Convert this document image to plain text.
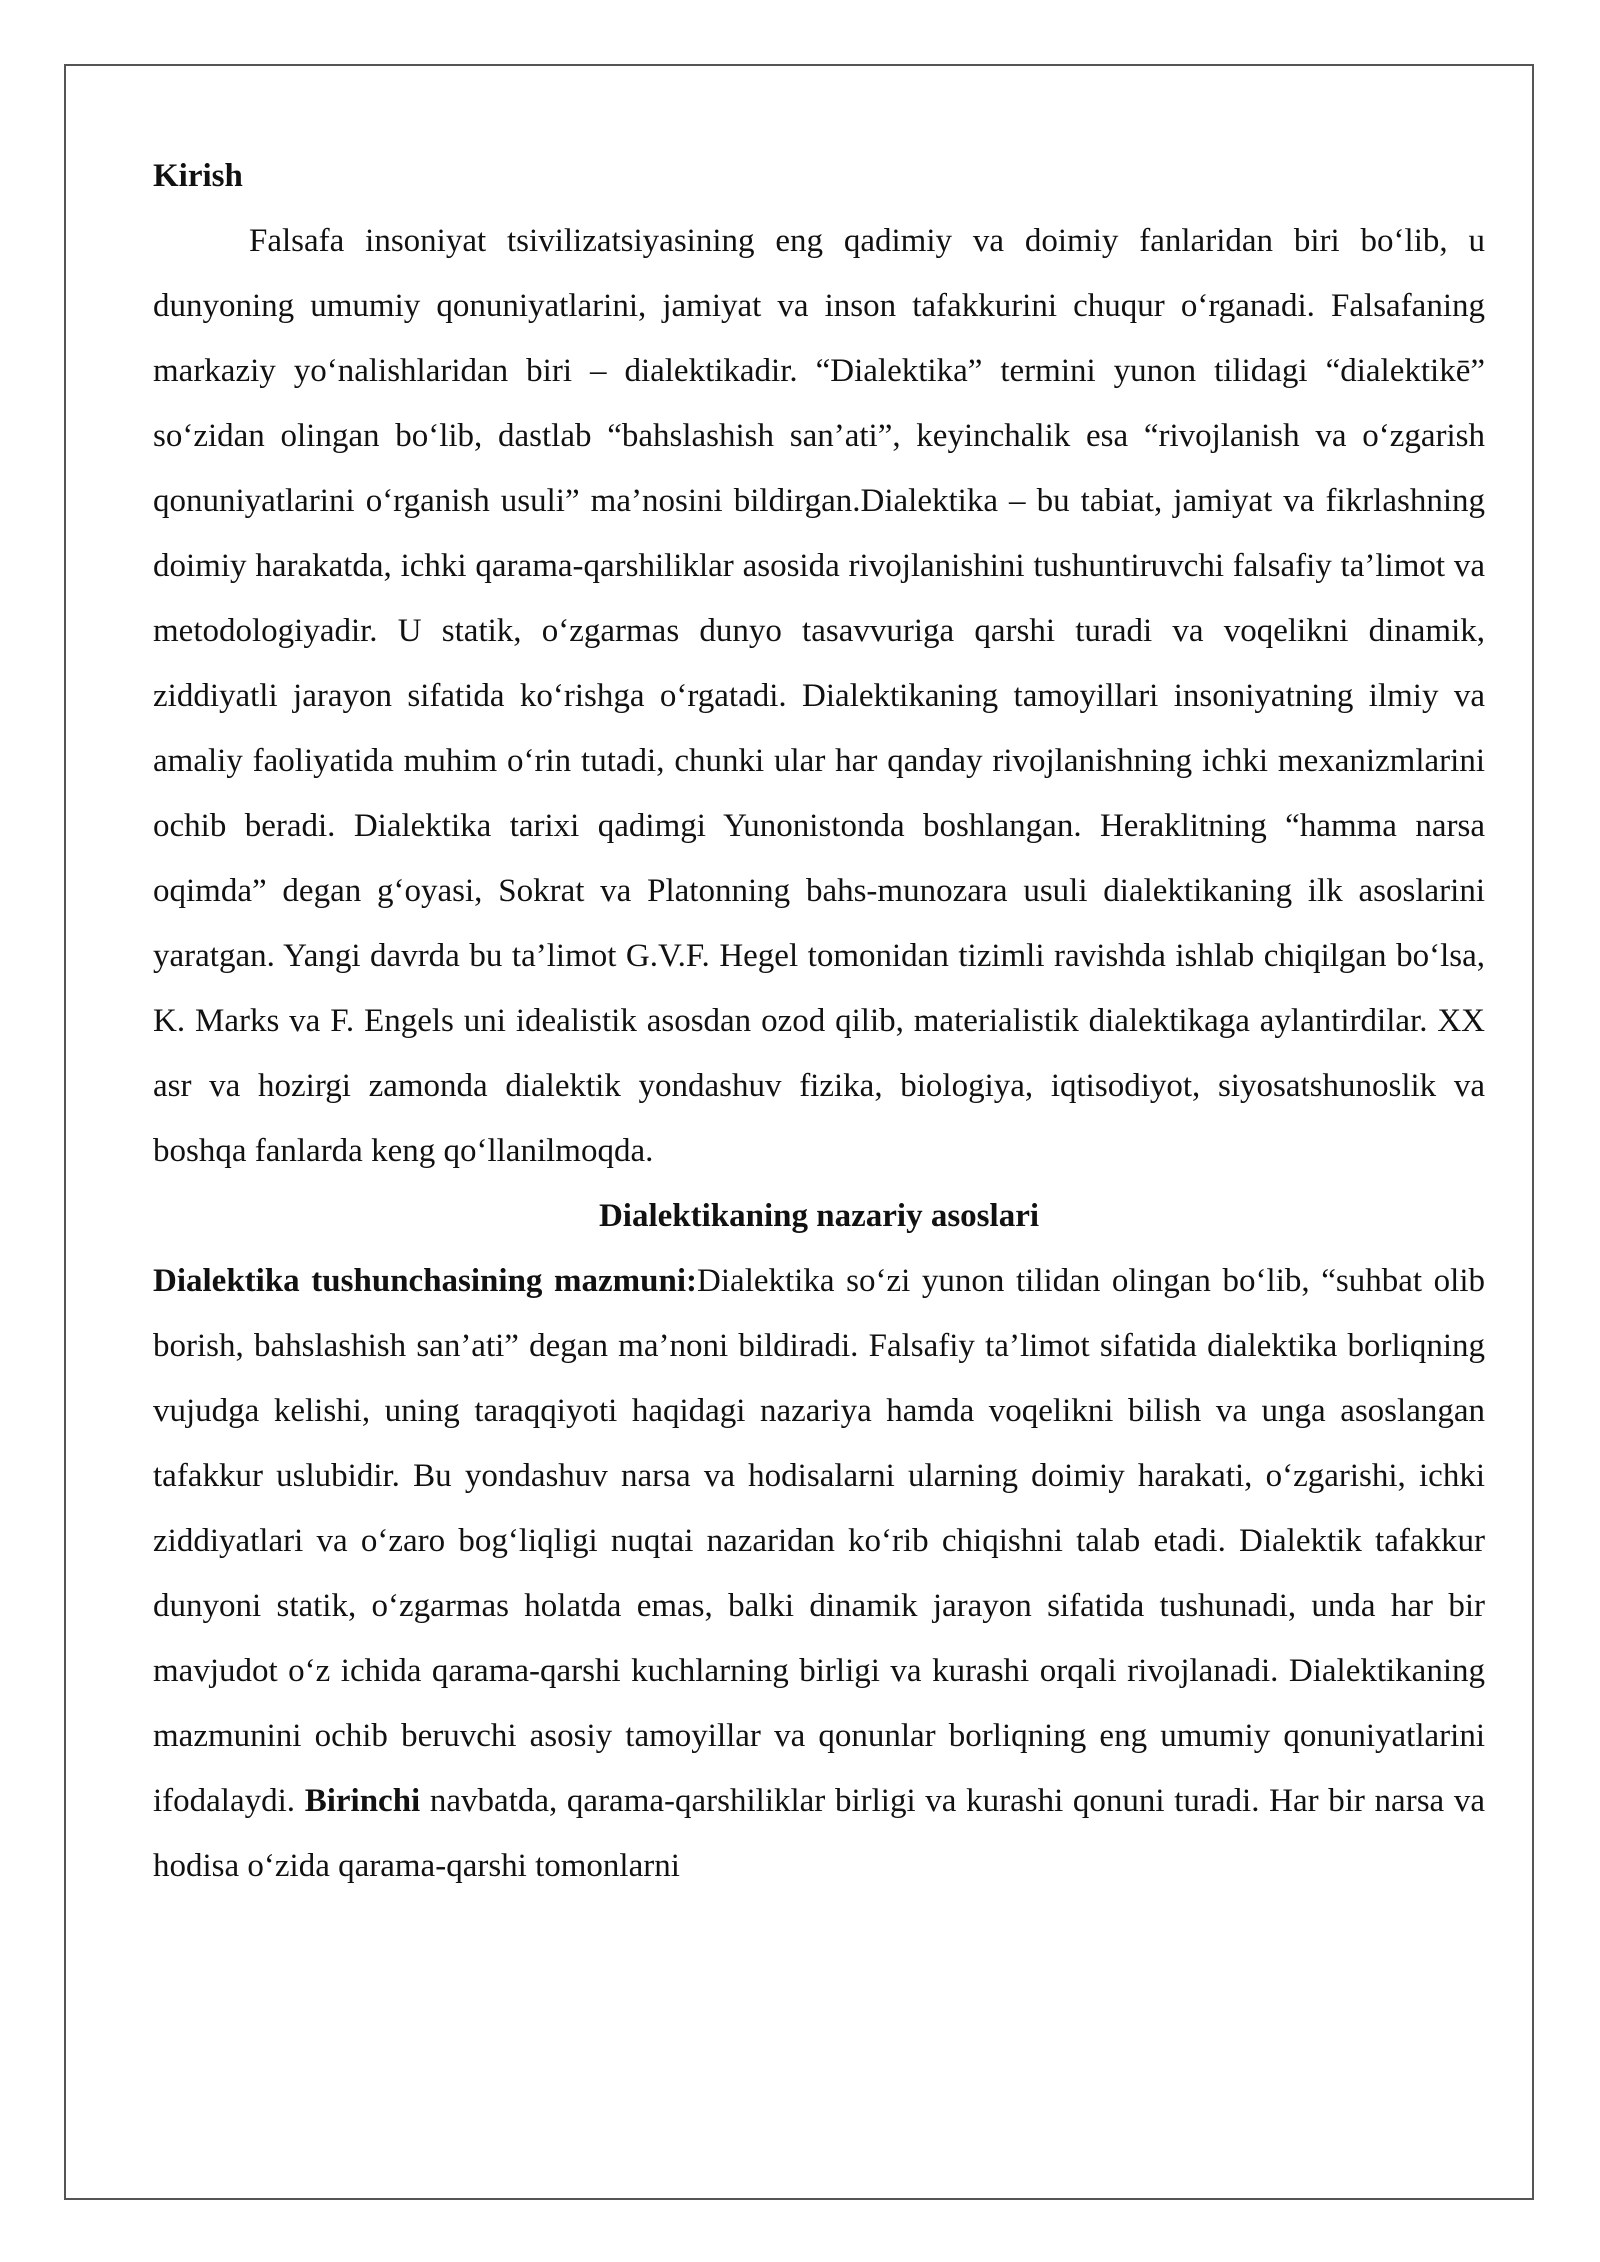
Kirish

Falsafa insoniyat tsivilizatsiyasining eng qadimiy va doimiy fanlaridan biri bo‘lib, u dunyoning umumiy qonuniyatlarini, jamiyat va inson tafakkurini chuqur o‘rganadi. Falsafaning markaziy yo‘nalishlaridan biri – dialektikadir. “Dialektika” termini yunon tilidagi “dialektikē” so‘zidan olingan bo‘lib, dastlab “bahslashish san’ati”, keyinchalik esa “rivojlanish va o‘zgarish qonuniyatlarini o‘rganish usuli” ma’nosini bildirgan.Dialektika – bu tabiat, jamiyat va fikrlashning doimiy harakatda, ichki qarama-qarshiliklar asosida rivojlanishini tushuntiruvchi falsafiy ta’limot va metodologiyadir. U statik, o‘zgarmas dunyo tasavvuriga qarshi turadi va voqelikni dinamik, ziddiyatli jarayon sifatida ko‘rishga o‘rgatadi. Dialektikaning tamoyillari insoniyatning ilmiy va amaliy faoliyatida muhim o‘rin tutadi, chunki ular har qanday rivojlanishning ichki mexanizmlarini ochib beradi. Dialektika tarixi qadimgi Yunonistonda boshlangan. Heraklitning “hamma narsa oqimda” degan g‘oyasi, Sokrat va Platonning bahs-munozara usuli dialektikaning ilk asoslarini yaratgan. Yangi davrda bu ta’limot G.V.F. Hegel tomonidan tizimli ravishda ishlab chiqilgan bo‘lsa, K. Marks va F. Engels uni idealistik asosdan ozod qilib, materialistik dialektikaga aylantirdilar. XX asr va hozirgi zamonda dialektik yondashuv fizika, biologiya, iqtisodiyot, siyosatshunoslik va boshqa fanlarda keng qo‘llanilmoqda.

Dialektikaning nazariy asoslari

Dialektika tushunchasining mazmuni:Dialektika so‘zi yunon tilidan olingan bo‘lib, “suhbat olib borish, bahslashish san’ati” degan ma’noni bildiradi. Falsafiy ta’limot sifatida dialektika borliqning vujudga kelishi, uning taraqqiyoti haqidagi nazariya hamda voqelikni bilish va unga asoslangan tafakkur uslubidir. Bu yondashuv narsa va hodisalarni ularning doimiy harakati, o‘zgarishi, ichki ziddiyatlari va o‘zaro bog‘liqligi nuqtai nazaridan ko‘rib chiqishni talab etadi. Dialektik tafakkur dunyoni statik, o‘zgarmas holatda emas, balki dinamik jarayon sifatida tushunadi, unda har bir mavjudot o‘z ichida qarama-qarshi kuchlarning birligi va kurashi orqali rivojlanadi. Dialektikaning mazmunini ochib beruvchi asosiy tamoyillar va qonunlar borliqning eng umumiy qonuniyatlarini ifodalaydi. Birinchi navbatda, qarama-qarshiliklar birligi va kurashi qonuni turadi. Har bir narsa va hodisa o‘zida qarama-qarshi tomonlarni
